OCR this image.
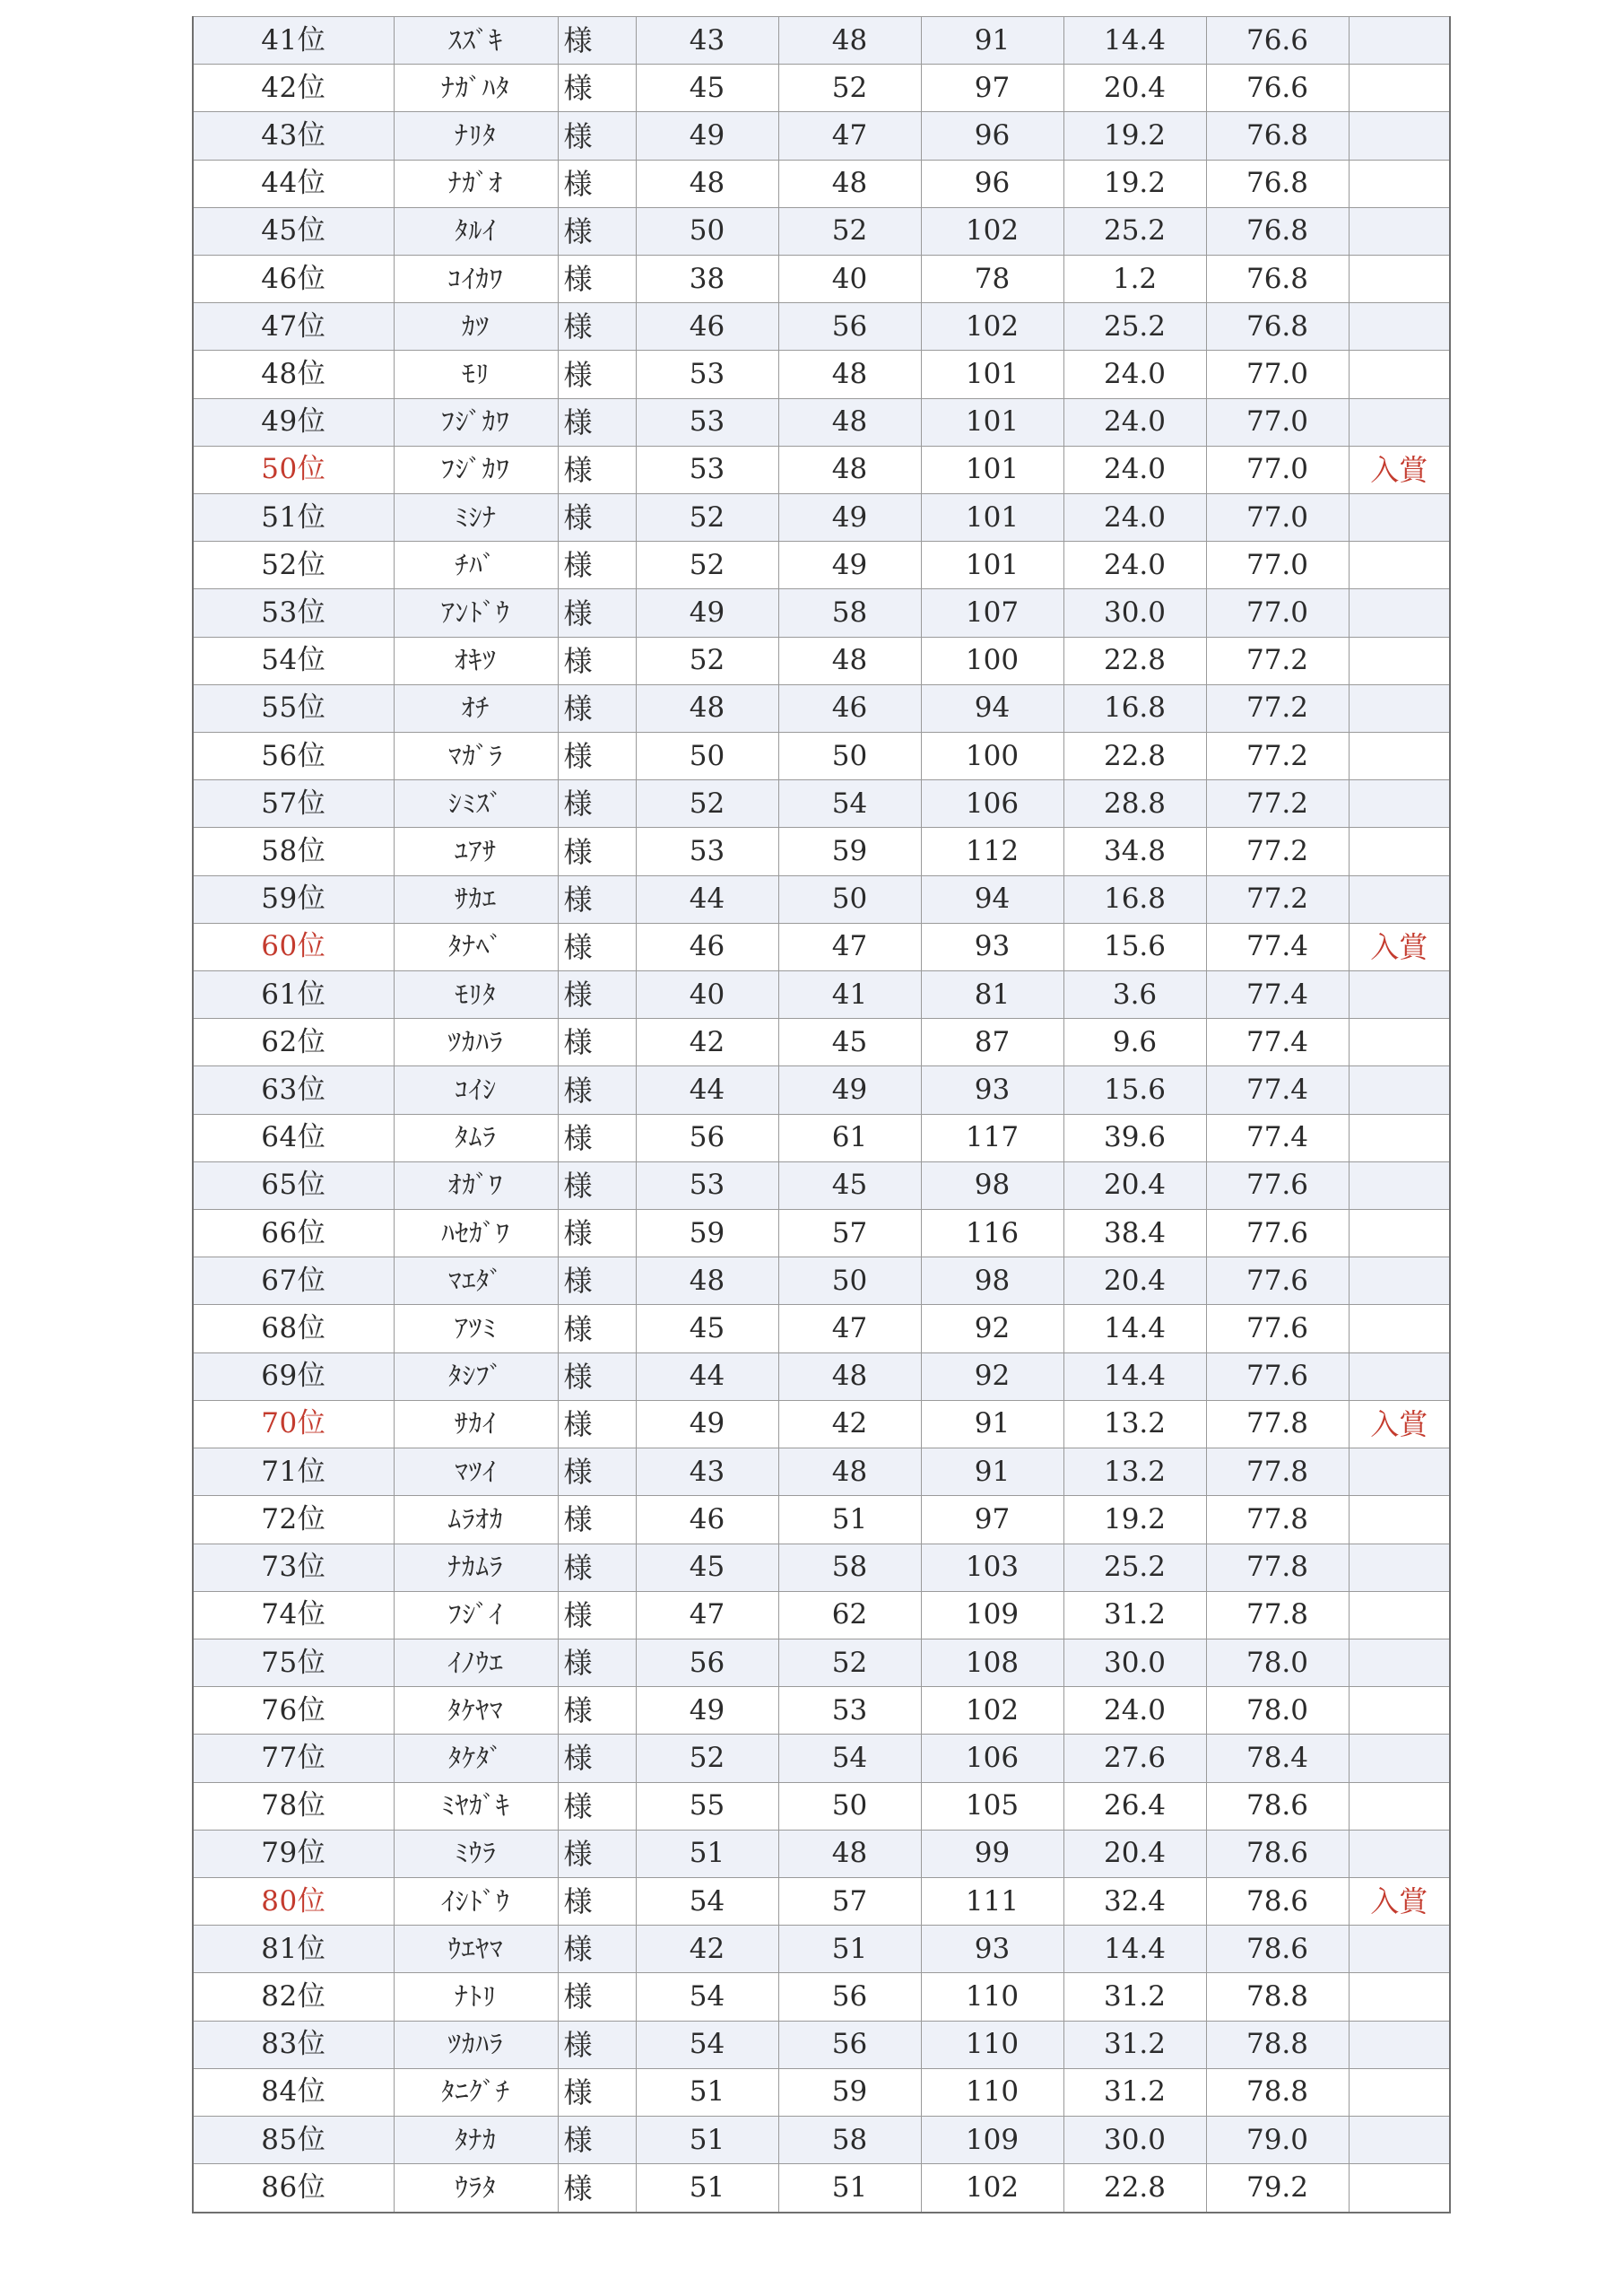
41位	ｽｽﾞｷ	様	43	48	91	14.4	76.6	
42位	ﾅｶﾞﾊﾀ	様	45	52	97	20.4	76.6	
43位	ﾅﾘﾀ	様	49	47	96	19.2	76.8	
44位	ﾅｶﾞｵ	様	48	48	96	19.2	76.8	
45位	ﾀﾙｲ	様	50	52	102	25.2	76.8	
46位	ｺｲｶﾜ	様	38	40	78	1.2	76.8	
47位	ｶﾂ	様	46	56	102	25.2	76.8	
48位	ﾓﾘ	様	53	48	101	24.0	77.0	
49位	ﾌｼﾞｶﾜ	様	53	48	101	24.0	77.0	
50位	ﾌｼﾞｶﾜ	様	53	48	101	24.0	77.0	入賞
51位	ﾐｼﾅ	様	52	49	101	24.0	77.0	
52位	ﾁﾊﾞ	様	52	49	101	24.0	77.0	
53位	ｱﾝﾄﾞｳ	様	49	58	107	30.0	77.0	
54位	ｵｷﾂ	様	52	48	100	22.8	77.2	
55位	ｵﾁ	様	48	46	94	16.8	77.2	
56位	ﾏｶﾞﾗ	様	50	50	100	22.8	77.2	
57位	ｼﾐｽﾞ	様	52	54	106	28.8	77.2	
58位	ﾕｱｻ	様	53	59	112	34.8	77.2	
59位	ｻｶｴ	様	44	50	94	16.8	77.2	
60位	ﾀﾅﾍﾞ	様	46	47	93	15.6	77.4	入賞
61位	ﾓﾘﾀ	様	40	41	81	3.6	77.4	
62位	ﾂｶﾊﾗ	様	42	45	87	9.6	77.4	
63位	ｺｲｼ	様	44	49	93	15.6	77.4	
64位	ﾀﾑﾗ	様	56	61	117	39.6	77.4	
65位	ｵｶﾞﾜ	様	53	45	98	20.4	77.6	
66位	ﾊｾｶﾞﾜ	様	59	57	116	38.4	77.6	
67位	ﾏｴﾀﾞ	様	48	50	98	20.4	77.6	
68位	ｱﾂﾐ	様	45	47	92	14.4	77.6	
69位	ﾀｼﾌﾞ	様	44	48	92	14.4	77.6	
70位	ｻｶｲ	様	49	42	91	13.2	77.8	入賞
71位	ﾏﾂｲ	様	43	48	91	13.2	77.8	
72位	ﾑﾗｵｶ	様	46	51	97	19.2	77.8	
73位	ﾅｶﾑﾗ	様	45	58	103	25.2	77.8	
74位	ﾌｼﾞｲ	様	47	62	109	31.2	77.8	
75位	ｲﾉｳｴ	様	56	52	108	30.0	78.0	
76位	ﾀｹﾔﾏ	様	49	53	102	24.0	78.0	
77位	ﾀｹﾀﾞ	様	52	54	106	27.6	78.4	
78位	ﾐﾔｶﾞｷ	様	55	50	105	26.4	78.6	
79位	ﾐｳﾗ	様	51	48	99	20.4	78.6	
80位	ｲｼﾄﾞｳ	様	54	57	111	32.4	78.6	入賞
81位	ｳｴﾔﾏ	様	42	51	93	14.4	78.6	
82位	ﾅﾄﾘ	様	54	56	110	31.2	78.8	
83位	ﾂｶﾊﾗ	様	54	56	110	31.2	78.8	
84位	ﾀﾆｸﾞﾁ	様	51	59	110	31.2	78.8	
85位	ﾀﾅｶ	様	51	58	109	30.0	79.0	
86位	ｳﾗﾀ	様	51	51	102	22.8	79.2	
